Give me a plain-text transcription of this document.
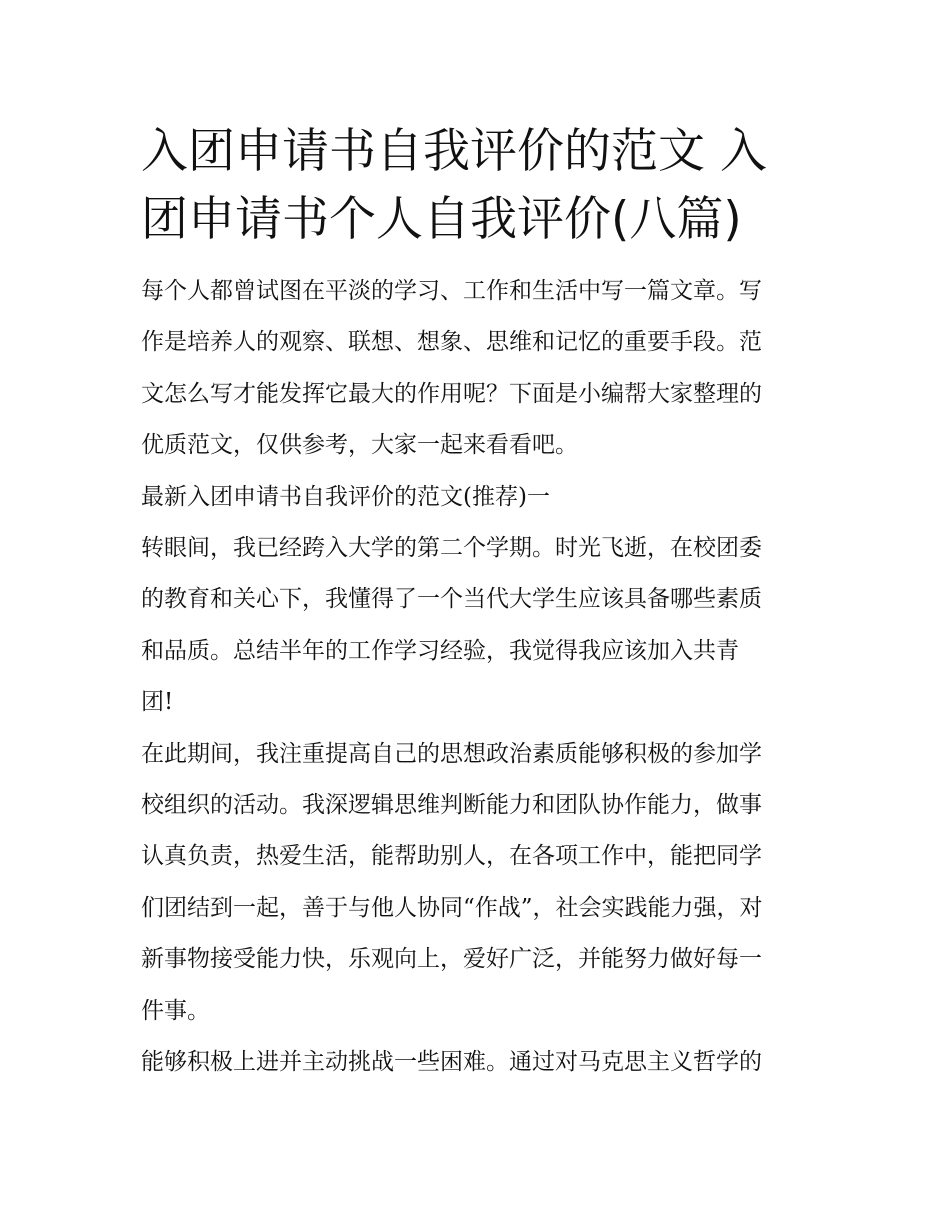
入团申请书自我评价的范文 入
团申请书个人自我评价(八篇)

每个人都曾试图在平淡的学习、工作和生活中写一篇文章。写
作是培养人的观察、联想、想象、思维和记忆的重要手段。范
文怎么写才能发挥它最大的作用呢？下面是小编帮大家整理的
优质范文，仅供参考，大家一起来看看吧。

最新入团申请书自我评价的范文(推荐)一

转眼间，我已经跨入大学的第二个学期。时光飞逝，在校团委
的教育和关心下，我懂得了一个当代大学生应该具备哪些素质
和品质。总结半年的工作学习经验，我觉得我应该加入共青
团!

在此期间，我注重提高自己的思想政治素质能够积极的参加学
校组织的活动。我深逻辑思维判断能力和团队协作能力，做事
认真负责，热爱生活，能帮助别人，在各项工作中，能把同学
们团结到一起，善于与他人协同“作战”，社会实践能力强，对
新事物接受能力快，乐观向上，爱好广泛，并能努力做好每一
件事。

能够积极上进并主动挑战一些困难。通过对马克思主义哲学的
